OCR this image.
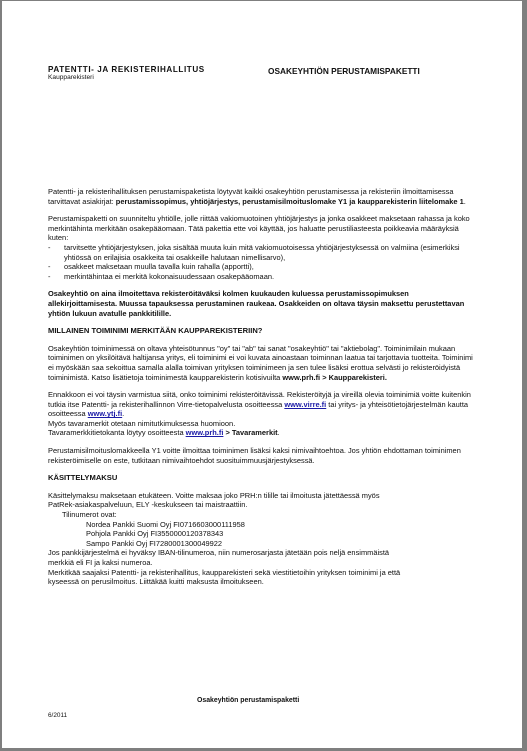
PATENTTI- JA REKISTERIHALLITUS
Kaupparekisteri
OSAKEYHTIÖN PERUSTAMISPAKETTI

Patentti- ja rekisterihallituksen perustamispaketista löytyvät kaikki osakeyhtiön perustamisessa ja rekisteriin ilmoittamisessa tarvittavat asiakirjat: perustamissopimus, yhtiöjärjestys, perustamisilmoituslomake Y1 ja kaupparekisterin liitelomake 1.

Perustamispaketti on suunniteltu yhtiölle, jolle riittää vakiomuotoinen yhtiöjärjestys ja jonka osakkeet maksetaan rahassa ja koko merkintähinta merkitään osakepääomaan. Tätä pakettia ette voi käyttää, jos haluatte perustiliasteesta poikkeavia määräyksiä kuten:

- tarvitsette yhtiöjärjestyksen, joka sisältää muuta kuin mitä vakiomuotoisessa yhtiöjärjestyksessä on valmiina (esimerkiksi yhtiössä on erilajisia osakkeita tai osakkeille halutaan nimellisarvo),
- osakkeet maksetaan muulla tavalla kuin rahalla (apportti),
- merkintähintaa ei merkitä kokonaisuudessaan osakepääomaan.

Osakeyhtiö on aina ilmoitettava rekisteröitäväksi kolmen kuukauden kuluessa perustamissopimuksen allekirjoittamisesta. Muussa tapauksessa perustaminen raukeaa. Osakkeiden on oltava täysin maksettu perustettavan yhtiön lukuun avatulle pankkitilille.

MILLAINEN TOIMINIMI MERKITÄÄN KAUPPAREKISTERIIN?

Osakeyhtiön toiminimessä on oltava yhteisötunnus "oy" tai "ab" tai sanat "osakeyhtiö" tai "aktiebolag". Toiminimilain mukaan toiminimen on yksilöitävä haltijansa yritys, eli toiminimi ei voi kuvata ainoastaan toiminnan laatua tai tarjottavia tuotteita. Toiminimi ei myöskään saa sekoittua samalla alalla toimivan yrityksen toiminimeen ja sen tulee lisäksi erottua selvästi jo rekisteröidyistä toiminimistä. Katso lisätietoja toiminimestä kaupparekisterin kotisivuilta www.prh.fi > Kaupparekisteri.

Ennakkoon ei voi täysin varmistua siitä, onko toiminimi rekisteröitävissä. Rekisteröityjä ja vireillä olevia toiminimiä voitte kuitenkin tutkia itse Patentti- ja rekisterihallinnon Virre-tietopalvelusta osoitteessa www.virre.fi tai yritys- ja yhteisötietojärjestelmän kautta osoitteessa www.ytj.fi.
Myös tavaramerkit otetaan nimitutkimuksessa huomioon.
Tavaramerkkitietokanta löytyy osoitteesta www.prh.fi > Tavaramerkit.

Perustamisilmoituslomakkeella Y1 voitte ilmoittaa toiminimen lisäksi kaksi nimivaihtoehtoa. Jos yhtiön ehdottaman toiminimen rekisteröimiselle on este, tutkitaan nimivaihtoehdot suosituimmuusjärjestyksessä.

KÄSITTELYMAKSU
Käsittelymaksu maksetaan etukäteen. Voitte maksaa joko PRH:n tilille tai ilmoitusta jätettäessä myös
PatRek-asiakaspalveluun, ELY -keskukseen tai maistraattiin.
Tilinumerot ovat:
Nordea Pankki Suomi Oyj FI0716603000111958
Pohjola Pankki Oyj FI3550000120378343
Sampo Pankki Oyj FI7280001300049922
Jos pankkijärjestelmä ei hyväksy IBAN-tilinumeroa, niin numerosarjasta jätetään pois neljä ensimmäistä
merkkiä eli FI ja kaksi numeroa.
Merkitkää saajaksi Patentti- ja rekisterihallitus, kaupparekisteri sekä viestitietoihin yrityksen toiminimi ja että
kyseessä on perusilmoitus. Liittäkää kuitti maksusta ilmoitukseen.
Osakeyhtiön perustamispaketti
6/2011
